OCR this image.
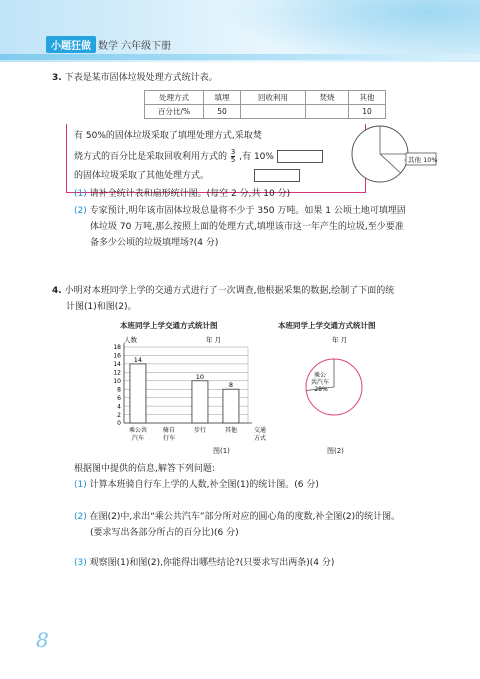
小题狂做 数学 六年级下册
3. 下表是某市固体垃圾处理方式统计表。
处理方式	填埋	回收利用	焚烧	其他
百分比/%	50			10
有 50%的固体垃圾采取了填埋处理方式,采取焚
烧方式的百分比是采取回收利用方式的 $\frac{3}{5}$ ,有 10%
的固体垃圾采取了其他处理方式。
其他 10%
(1) 请补全统计表和扇形统计图。(每空 2 分,共 10 分)
(2) 专家预计,明年该市固体垃圾总量将不少于 350 万吨。如果 1 公顷土地可填埋固
体垃圾 70 万吨,那么按照上面的处理方式,填埋该市这一年产生的垃圾,至少要准
备多少公顷的垃圾填埋场?(4 分)
4. 小明对本班同学上学的交通方式进行了一次调查,他根据采集的数据,绘制了下面的统
计图(1)和图(2)。
本班同学上学交通方式统计图	本班同学上学交通方式统计图
0
2
4
6
8
10
12
14
16
18
14
乘公共
汽车
骑自
行车
10
步行
8
其他	交通
方式
人数	年 月
图(1)
年 月
乘公
共汽车
28%
图(2)
根据图中提供的信息,解答下列问题:
(1) 计算本班骑自行车上学的人数,补全图(1)的统计图。(6 分)
(2) 在图(2)中,求出“乘公共汽车”部分所对应的圆心角的度数,补全图(2)的统计图。
(要求写出各部分所占的百分比)(6 分)
(3) 观察图(1)和图(2),你能得出哪些结论?(只要求写出两条)(4 分)
8
